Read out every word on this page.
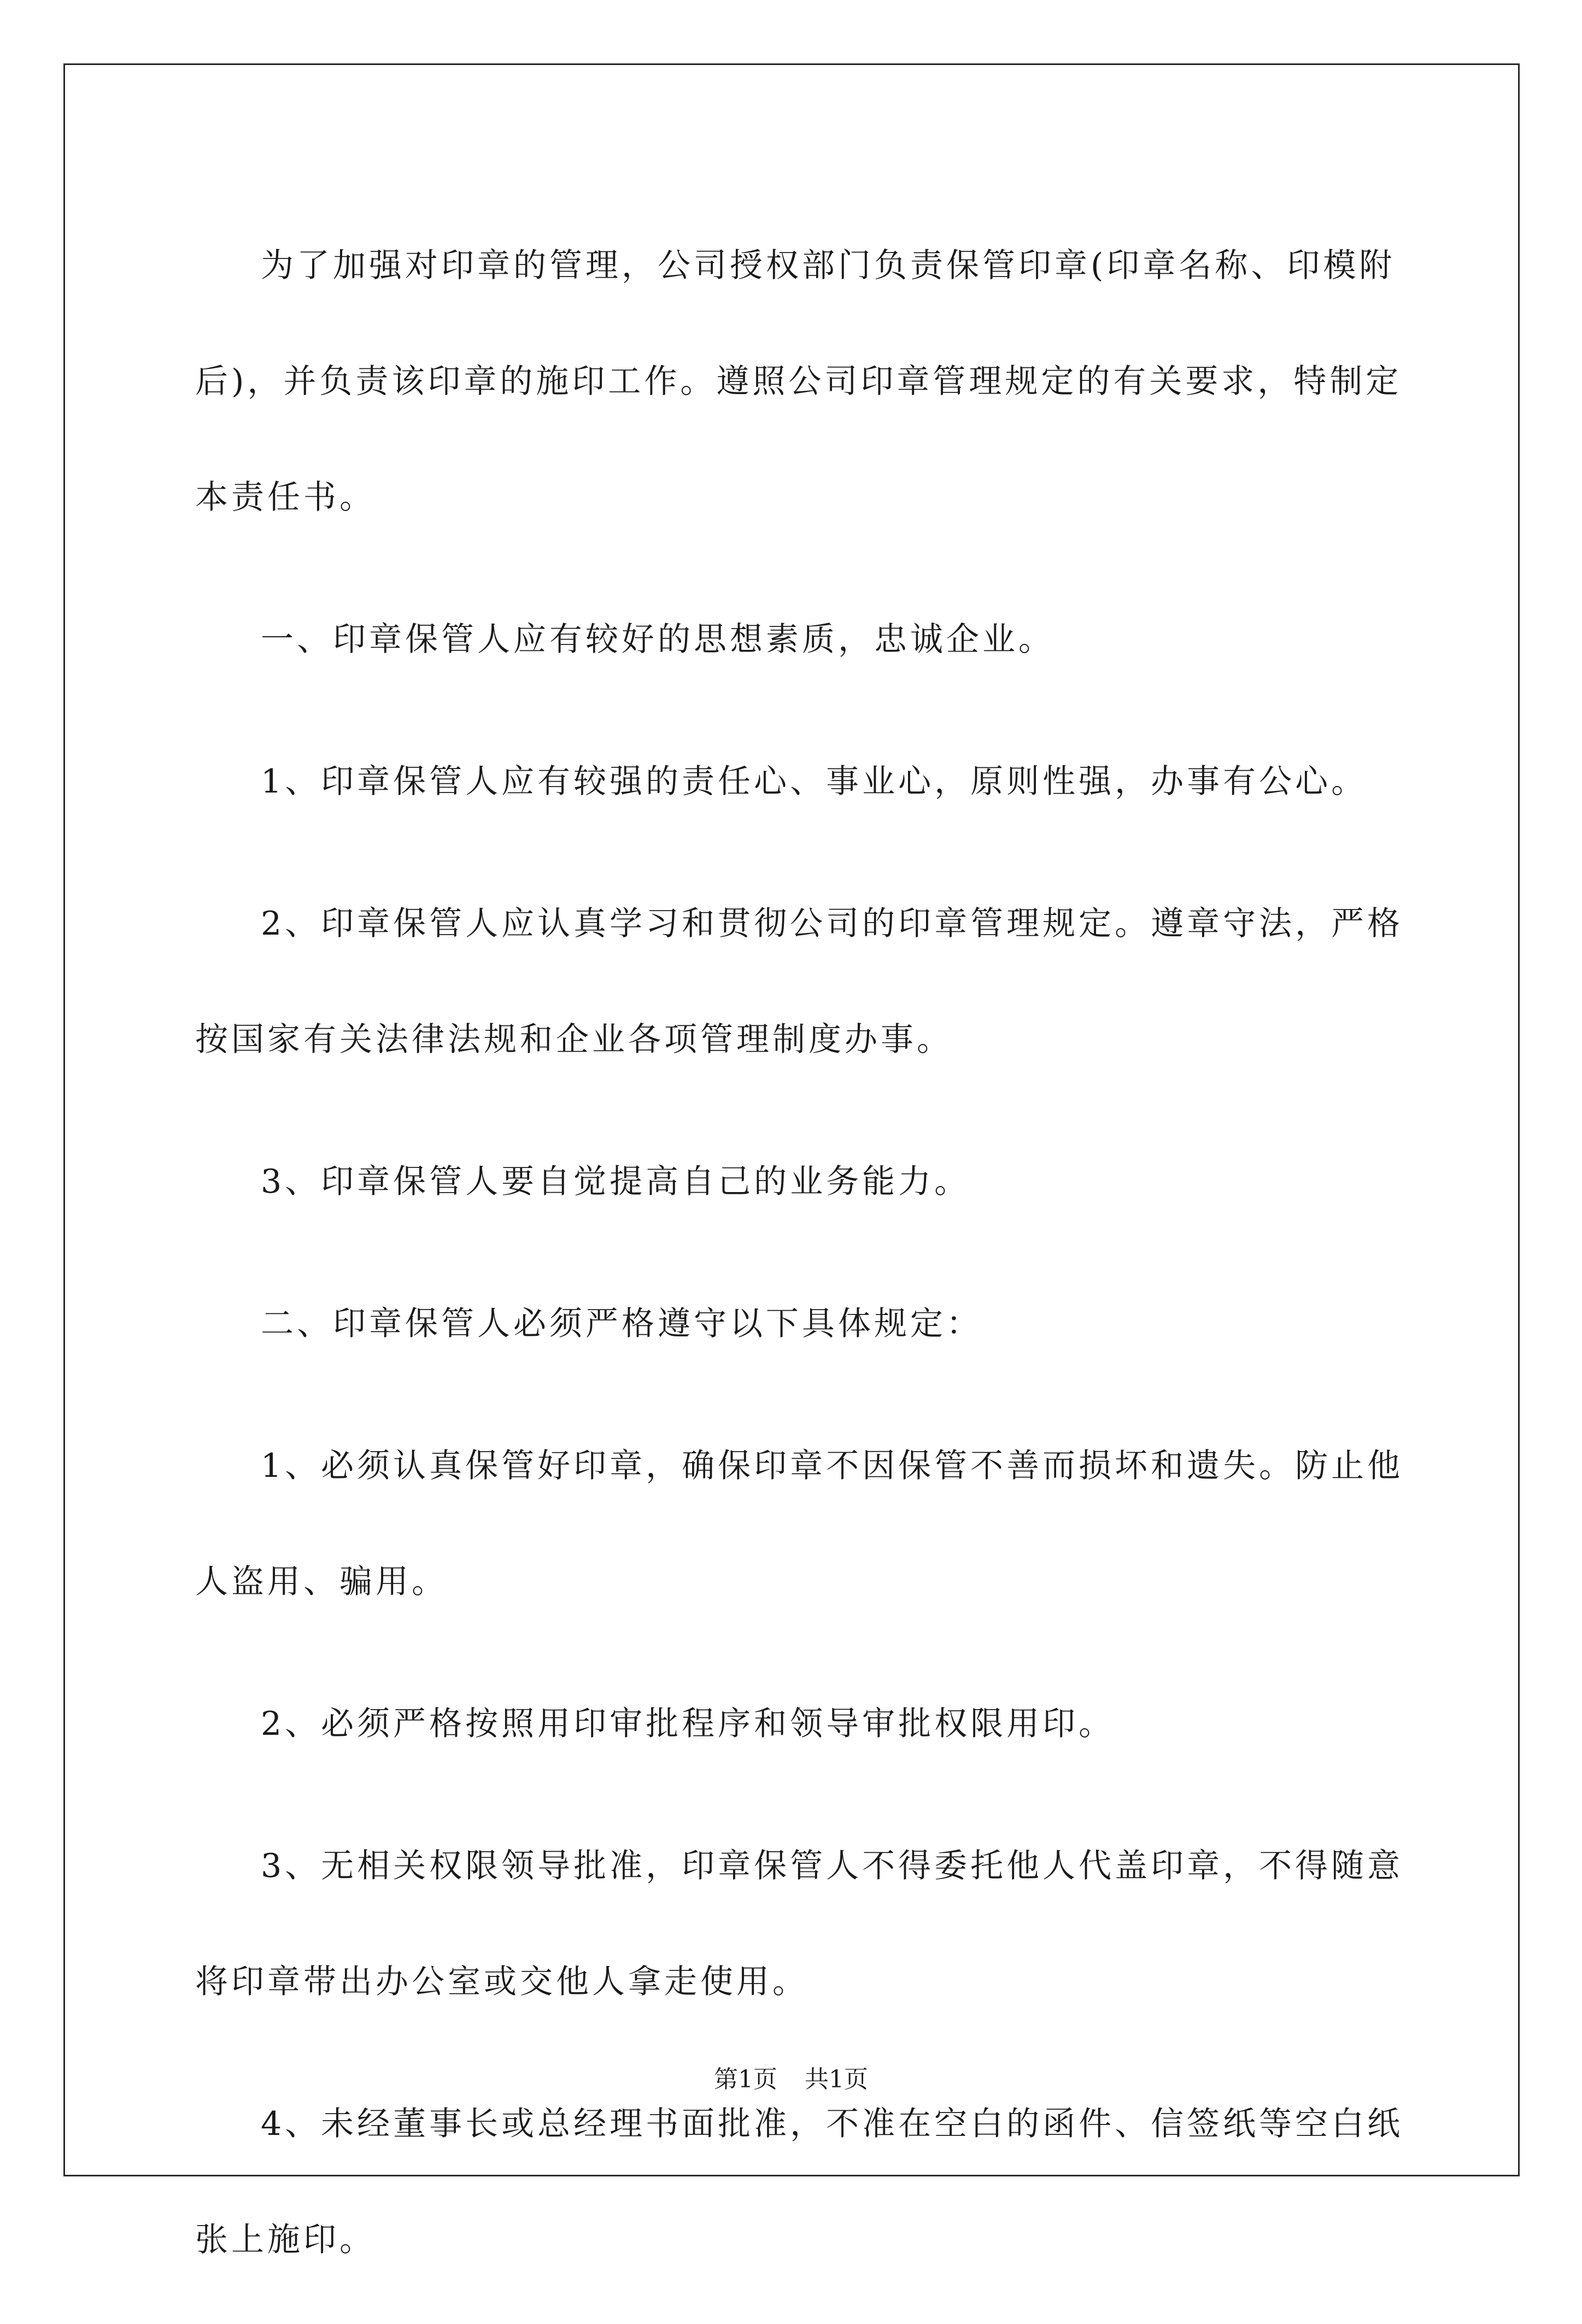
为了加强对印章的管理，公司授权部门负责保管印章(印章名称、印模附后)，并负责该印章的施印工作。遵照公司印章管理规定的有关要求，特制定本责任书。

一、印章保管人应有较好的思想素质，忠诚企业。

1、印章保管人应有较强的责任心、事业心，原则性强，办事有公心。

2、印章保管人应认真学习和贯彻公司的印章管理规定。遵章守法，严格按国家有关法律法规和企业各项管理制度办事。

3、印章保管人要自觉提高自己的业务能力。

二、印章保管人必须严格遵守以下具体规定：

1、必须认真保管好印章，确保印章不因保管不善而损坏和遗失。防止他人盗用、骗用。

2、必须严格按照用印审批程序和领导审批权限用印。

3、无相关权限领导批准，印章保管人不得委托他人代盖印章，不得随意将印章带出办公室或交他人拿走使用。

4、未经董事长或总经理书面批准，不准在空白的函件、信签纸等空白纸张上施印。

第1页 共1页
